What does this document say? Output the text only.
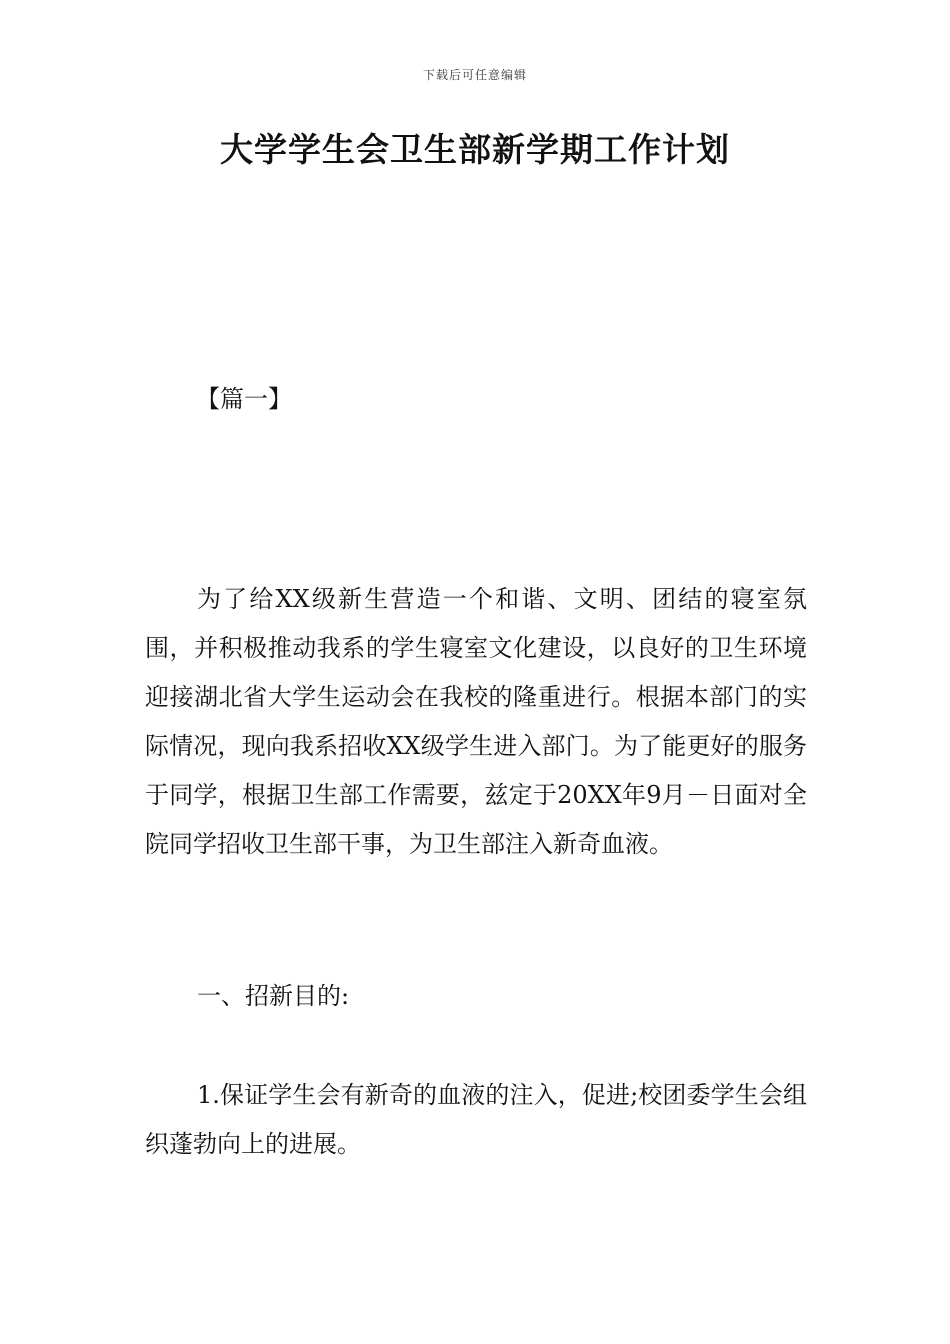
下载后可任意编辑
大学学生会卫生部新学期工作计划
【篇一】

为了给XX级新生营造一个和谐、文明、团结的寝室氛围，并积极推动我系的学生寝室文化建设，以良好的卫生环境迎接湖北省大学生运动会在我校的隆重进行。根据本部门的实际情况，现向我系招收XX级学生进入部门。为了能更好的服务于同学，根据卫生部工作需要，兹定于20XX年9月－日面对全院同学招收卫生部干事，为卫生部注入新奇血液。

一、招新目的:

1.保证学生会有新奇的血液的注入，促进;校团委学生会组织蓬勃向上的进展。
